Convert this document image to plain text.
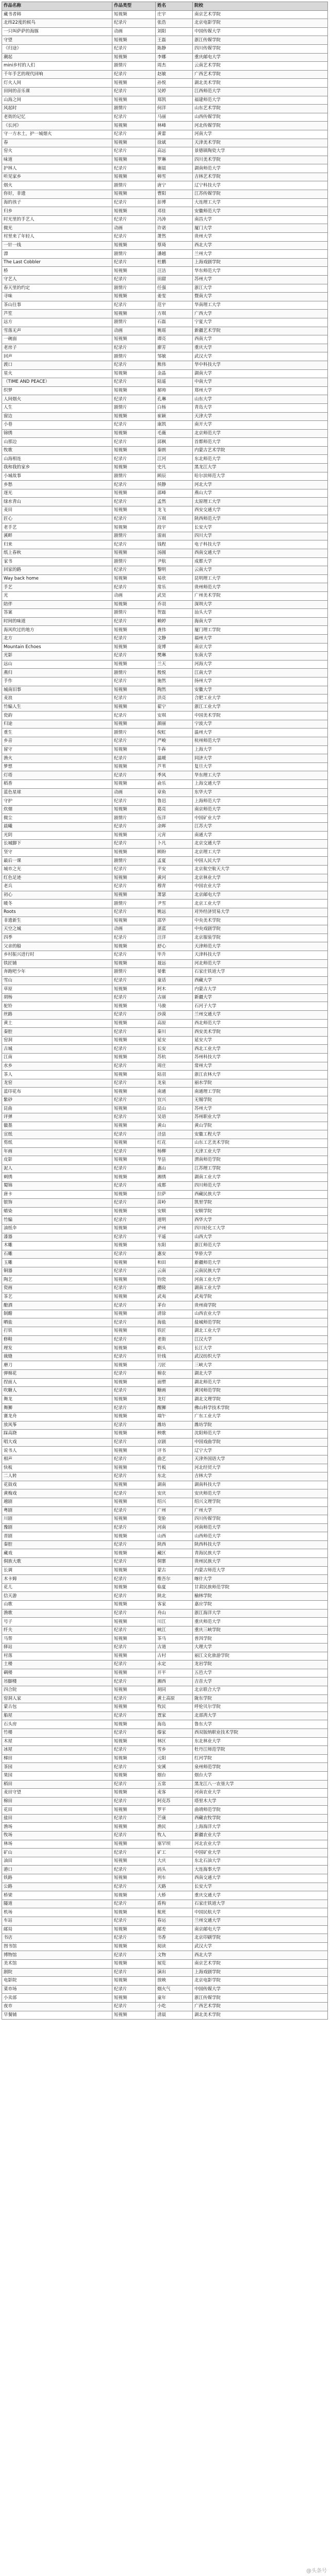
作品名称	作品类型	姓名	院校
藏书者韩	短视频	庄宇	南京艺术学院
北纬22度的候鸟	纪录片	张浩	北京电影学院
一只叫萨萨的海豚	动画	刘阳	中国传媒大学
守望	短视频	王磊	浙江传媒学院
《归途》	纪录片	陈静	四川传媒学院
潮起	短视频	李娜	重庆邮电大学
mini乡村的人们	剧情片	周杰	云南艺术学院
千年手艺的现代回响	纪录片	赵敏	广西艺术学院
灯火人间	短视频	孙悦	湖北美术学院
田间的音乐课	纪录片	吴婷	江西师范大学
山海之间	短视频	郑凯	福建师范大学
风起时	剧情片	何洋	山东艺术学院
老街的记忆	纪录片	马丽	山西传媒学院
《长河》	短视频	林峰	河北传媒学院
守一方水土，护一城烟火	纪录片	黄蕾	河南大学
春	短视频	徐斌	天津美术学院
窑火	纪录片	高远	景德镇陶瓷大学
味道	短视频	罗琳	四川美术学院
护林人	纪录片	谢晨	湖南师范大学
听见家乡	短视频	韩雪	吉林艺术学院
烟火	剧情片	唐宁	辽宁科技大学
你好，非遗	短视频	曹阳	江苏传媒学院
海的孩子	纪录片	彭博	大连理工大学
归乡	短视频	邓佳	安徽师范大学
时光里的手艺人	纪录片	冯涛	南昌大学
微光	动画	许诺	厦门大学
村里来了年轻人	纪录片	萧然	贵州大学
一针一线	短视频	蔡琦	西北大学
漂	剧情片	潘越	兰州大学
The Last Cobbler	纪录片	杜鹏	上海戏剧学院
桥	短视频	汪洁	华东师范大学
守艺人	纪录片	田甜	苏州大学
春天里的约定	剧情片	任强	浙江大学
寻味	短视频	姜雯	暨南大学
茶山往事	纪录片	范宇	华南理工大学
芦笙	短视频	方琪	广西大学
远方	剧情片	石磊	宁夏大学
雪落无声	动画	姚瑶	新疆艺术学院
一碗面	短视频	谭亮	西南大学
老房子	纪录片	廖芳	重庆大学
回声	剧情片	邹敏	武汉大学
渡口	纪录片	熊伟	华中科技大学
星火	短视频	金晶	湖南大学
（TIME AND PEACE）	纪录片	陆遥	中南大学
织梦	短视频	郝帅	郑州大学
人间烟火	纪录片	孔琳	山东大学
人生	剧情片	白杨	青岛大学
窗边	短视频	崔颖	天津大学
小巷	纪录片	康凯	南开大学
锦绣	短视频	毛薇	北京师范大学
山那边	纪录片	邱枫	首都师范大学
牧歌	短视频	秦朗	内蒙古艺术学院
山海相连	纪录片	江河	东北师范大学
我和我的家乡	短视频	史凡	黑龙江大学
小城故事	剧情片	顾辰	哈尔滨师范大学
乡愁	纪录片	侯静	河北大学
逐光	短视频	邵峰	燕山大学
绿水青山	纪录片	孟然	太原理工大学
麦田	短视频	龙飞	西安交通大学
匠心	纪录片	万琪	陕西师范大学
老手艺	短视频	段宇	长安大学
溪畔	剧情片	雷雨	四川大学
归来	纪录片	钱程	电子科技大学
纸上春秋	短视频	汤圆	西南交通大学
家书	剧情片	尹航	成都大学
回家的路	纪录片	黎明	云南大学
Way back home	短视频	易欣	昆明理工大学
手艺	纪录片	常乐	贵州师范大学
光	动画	武昊	广州美术学院
陪伴	短视频	乔羽	深圳大学
答案	剧情片	贺磊	汕头大学
时间的味道	纪录片	赖婷	海南大学
海风吹过的地方	短视频	龚伟	厦门理工学院
北方	纪录片	文静	福州大学
Mountain Echoes	短视频	庞博	南京大学
光影	纪录片	樊琳	东南大学
远山	短视频	兰天	河海大学
燕归	剧情片	殷悦	江南大学
手作	纪录片	施然	扬州大学
城南旧事	短视频	陶然	安徽大学
麦浪	纪录片	洪亮	合肥工业大学
竹编人生	短视频	翟宁	浙江工业大学
瓷韵	纪录片	安琪	中国美术学院
归途	短视频	颜丽	宁波大学
重生	剧情片	倪虹	温州大学
乡音	纪录片	严峻	杭州师范大学
留守	短视频	牛犇	上海大学
渔火	纪录片	温暖	同济大学
梦想	短视频	芦苇	复旦大学
灯塔	纪录片	季风	华东理工大学
稻香	短视频	俞乐	上海交通大学
蓝色星球	动画	章鱼	东华大学
守护	纪录片	鲁迅	上海师范大学
炊烟	短视频	葛亮	南京师范大学
微尘	剧情片	伍洋	中国矿业大学
晨曦	纪录片	余晖	江苏大学
光阴	短视频	元宵	南通大学
长城脚下	纪录片	卜凡	北京交通大学
坚守	短视频	顾盼	北京理工大学
最后一课	剧情片	孟夏	中国人民大学
城市之光	纪录片	平安	北京航空航天大学
红色足迹	短视频	黄河	北京林业大学
老兵	纪录片	穆青	中国农业大学
初心	短视频	萧瑟	北京邮电大学
暖冬	剧情片	尹雪	北京工业大学
Roots	纪录片	姚远	对外经济贸易大学
非遗新生	短视频	邵华	中央美术学院
天空之城	动画	湛蓝	中央戏剧学院
四季	纪录片	汪洋	北京服装学院
父亲的船	短视频	舒心	天津师范大学
乡村振兴进行时	纪录片	毕升	天津科技大学
铁匠铺	短视频	聂远	河北师范大学
奔跑吧少年	剧情片	晏紫	石家庄铁道大学
雪山	纪录片	童话	西藏大学
草原	短视频	阿木	内蒙古大学
胡杨	纪录片	古丽	新疆大学
驼铃	短视频	马骏	石河子大学
丝路	纪录片	沙漠	兰州交通大学
黄土	短视频	高原	西北师范大学
秦腔	纪录片	秦川	西安美术学院
窑洞	短视频	延安	延安大学
古城	纪录片	长安	西北工业大学
江南	短视频	苏杭	苏州科技大学
水乡	纪录片	周庄	常州大学
茶人	短视频	陆羽	浙江农林大学
龙窑	纪录片	龙泉	丽水学院
蓝印花布	短视频	南通	南通理工学院
紫砂	纪录片	宜兴	无锡学院
昆曲	短视频	昆山	苏州大学
评弹	纪录片	吴语	苏州职业大学
徽墨	短视频	黄山	黄山学院
宣纸	纪录片	泾县	安徽工程大学
剪纸	短视频	红花	山东工艺美术学院
年画	纪录片	杨柳	天津工业大学
皮影	短视频	华县	渭南师范学院
泥人	纪录片	惠山	江苏理工学院
刺绣	短视频	湘绣	湖南工业大学
蜀锦	纪录片	成都	四川师范大学
唐卡	短视频	拉萨	西藏民族大学
银饰	纪录片	苗岭	凯里学院
蜡染	短视频	安顺	安顺学院
竹编	纪录片	道明	西华大学
油纸伞	短视频	泸州	四川轻化工大学
漆器	纪录片	平遥	山西大学
木雕	短视频	东阳	浙江师范大学
石雕	纪录片	惠安	华侨大学
玉雕	短视频	和田	新疆师范大学
铜器	纪录片	云南	云南民族大学
陶艺	短视频	钧瓷	河南工业大学
瓷画	纪录片	醴陵	湖南工业大学
茶艺	短视频	武夷	武夷学院
酿酒	纪录片	茅台	贵州商学院
制醋	短视频	清徐	山西农业大学
晒盐	纪录片	海盐	盐城师范学院
打铁	短视频	铁匠	湖北工业大学
修鞋	纪录片	老街	江汉大学
理发	短视频	剃头	长江大学
裁缝	纪录片	针线	武汉纺织大学
磨刀	短视频	刀匠	三峡大学
弹棉花	纪录片	棉农	湖北大学
捏面人	短视频	面塑	湖北师范大学
吹糖人	纪录片	糖画	黄冈师范学院
舞龙	短视频	龙灯	湖北文理学院
舞狮	纪录片	醒狮	佛山科学技术学院
赛龙舟	短视频	端午	广东工业大学
放风筝	纪录片	潍坊	潍坊学院
踩高跷	短视频	秧歌	沈阳师范大学
唱大戏	纪录片	京剧	中国戏曲学院
说书人	短视频	评书	辽宁大学
相声	纪录片	曲艺	天津外国语大学
快板	短视频	竹板	河北经贸大学
二人转	纪录片	东北	吉林大学
花鼓戏	短视频	湖南	湖南科技大学
黄梅戏	纪录片	安庆	安庆师范大学
越剧	短视频	绍兴	绍兴文理学院
粤剧	纪录片	广州	广州大学
川剧	短视频	变脸	四川传媒学院
豫剧	纪录片	河南	河南师范大学
晋剧	短视频	山西	山西师范大学
秦腔	纪录片	陕西	陕西科技大学
藏戏	短视频	藏区	青海民族大学
侗族大歌	纪录片	侗寨	贵州民族大学
长调	短视频	蒙古	内蒙古师范大学
木卡姆	纪录片	维吾尔	喀什大学
花儿	短视频	临夏	甘肃民族师范学院
信天游	纪录片	陕北	榆林学院
山歌	短视频	客家	嘉应学院
渔歌	纪录片	舟山	浙江海洋大学
号子	短视频	川江	重庆师范大学
纤夫	纪录片	峡江	重庆三峡学院
马帮	短视频	茶马	普洱学院
驿站	纪录片	古道	大理大学
村落	短视频	古村	丽江文化旅游学院
土楼	纪录片	永定	龙岩学院
碉楼	短视频	开平	五邑大学
吊脚楼	纪录片	湘西	吉首大学
四合院	短视频	胡同	北京联合大学
窑洞人家	纪录片	黄土高原	陇东学院
蒙古包	短视频	牧民	呼伦贝尔学院
船屋	纪录片	疍家	北部湾大学
石头房	短视频	海岛	鲁东大学
竹楼	纪录片	傣家	西双版纳职业技术学院
木屋	短视频	林区	东北林业大学
冰屋	纪录片	雪乡	牡丹江师范学院
梯田	短视频	元阳	红河学院
茶园	纪录片	安溪	泉州师范学院
果园	短视频	烟台	烟台大学
稻田	纪录片	五常	黑龙江八一农垦大学
麦田守望	短视频	麦客	河南农业大学
棉田	纪录片	阿克苏	塔里木大学
花田	短视频	罗平	曲靖师范学院
盐田	纪录片	芒康	西藏农牧学院
渔场	短视频	渔民	上海海洋大学
牧场	纪录片	牧人	新疆农业大学
林场	短视频	塞罕坝	河北农业大学
矿山	纪录片	矿工	中国矿业大学
油田	短视频	大庆	东北石油大学
港口	纪录片	码头	大连海事大学
铁路	短视频	列车	西南交通大学
公路	纪录片	天路	长安大学
桥梁	短视频	大桥	重庆交通大学
隧道	纪录片	盾构	石家庄铁道大学
机场	短视频	航班	中国民航大学
车站	纪录片	春运	兰州交通大学
邮局	短视频	邮差	南京邮电大学
书店	纪录片	书香	北京印刷学院
图书馆	短视频	阅读	武汉大学
博物馆	纪录片	文物	西北大学
美术馆	短视频	展览	南京艺术学院
剧院	纪录片	演出	上海戏剧学院
电影院	短视频	放映	北京电影学院
菜市场	纪录片	烟火气	中国传媒大学
小卖部	短视频	童年	浙江传媒学院
夜市	纪录片	小吃	广西艺术学院
早餐铺	短视频	清晨	湖北美术学院
@头条号
